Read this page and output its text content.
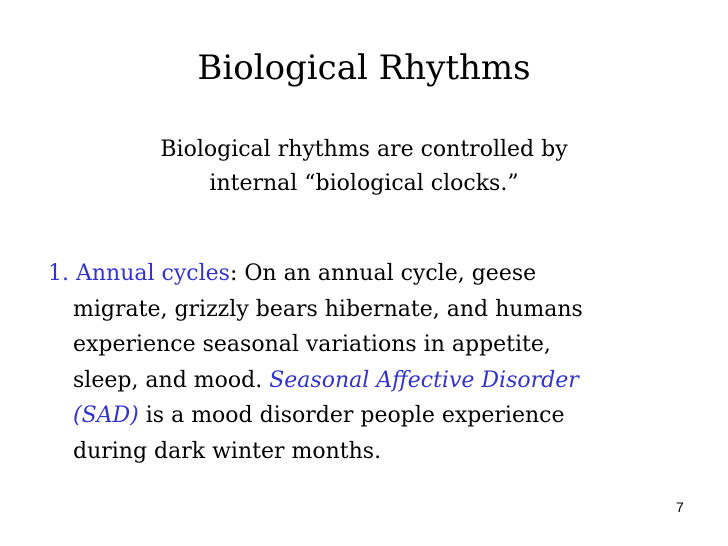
Biological Rhythms
Biological rhythms are controlled by
internal “biological clocks.”
1. Annual cycles: On an annual cycle, geese
migrate, grizzly bears hibernate, and humans
experience seasonal variations in appetite,
sleep, and mood. Seasonal Affective Disorder
(SAD) is a mood disorder people experience
during dark winter months.
7
